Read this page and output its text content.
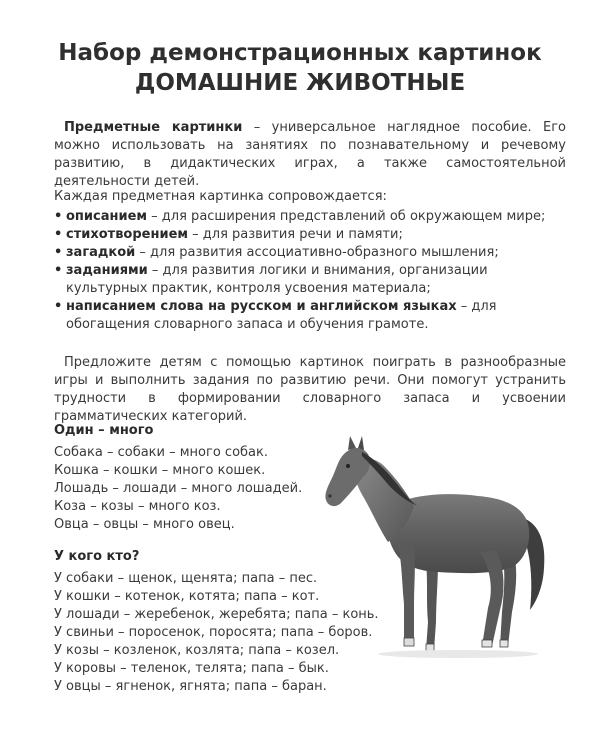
Набор демонстрационных картинок
ДОМАШНИЕ ЖИВОТНЫЕ
Предметные картинки – универсальное наглядное пособие. Его можно использовать на занятиях по познавательному и речевому развитию, в дидактических играх, а также самостоятельной деятельности детей.
Каждая предметная картинка сопровождается:
• описанием – для расширения представлений об окружающем мире;
• стихотворением – для развития речи и памяти;
• загадкой – для развития ассоциативно-образного мышления;
• заданиями – для развития логики и внимания, организации культурных практик, контроля усвоения материала;
• написанием слова на русском и английском языках – для обогащения словарного запаса и обучения грамоте.
Предложите детям с помощью картинок поиграть в разнообразные игры и выполнить задания по развитию речи. Они помогут устранить трудности в формировании словарного запаса и усвоении грамматических категорий.
Один – много
Собака – собаки – много собак.
Кошка – кошки – много кошек.
Лошадь – лошади – много лошадей.
Коза – козы – много коз.
Овца – овцы – много овец.
У кого кто?
У собаки – щенок, щенята; папа – пес.
У кошки – котенок, котята; папа – кот.
У лошади – жеребенок, жеребята; папа – конь.
У свиньи – поросенок, поросята; папа – боров.
У козы – козленок, козлята; папа – козел.
У коровы – теленок, телята; папа – бык.
У овцы – ягненок, ягнята; папа – баран.
